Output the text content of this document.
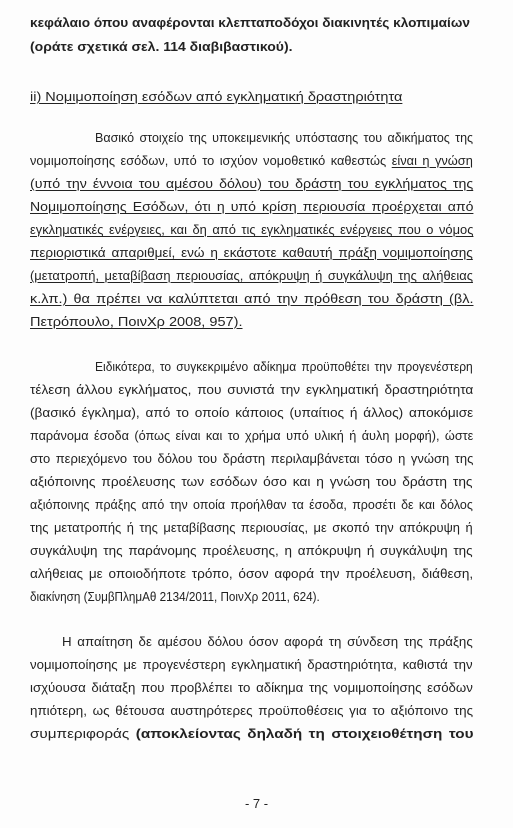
κεφάλαιο όπου αναφέρονται κλεπταποδόχοι διακινητές κλοπιμαίων
(οράτε σχετικά σελ. 114 διαβιβαστικού).
ii) Νομιμοποίηση εσόδων από εγκληματική δραστηριότητα
Βασικό στοιχείο της υποκειμενικής υπόστασης του αδικήματος της
νομιμοποίησης εσόδων, υπό το ισχύον νομοθετικό καθεστώς είναι η γνώση
(υπό την έννοια του αμέσου δόλου) του δράστη του εγκλήματος της
Νομιμοποίησης Εσόδων, ότι η υπό κρίση περιουσία προέρχεται από
εγκληματικές ενέργειες, και δη από τις εγκληματικές ενέργειες που ο νόμος
περιοριστικά απαριθμεί, ενώ η εκάστοτε καθαυτή πράξη νομιμοποίησης
(μετατροπή, μεταβίβαση περιουσίας, απόκρυψη ή συγκάλυψη της αλήθειας
κ.λπ.) θα πρέπει να καλύπτεται από την πρόθεση του δράστη (βλ.
Πετρόπουλο, ΠοινΧρ 2008, 957).
Ειδικότερα, το συγκεκριμένο αδίκημα προϋποθέτει την προγενέστερη
τέλεση άλλου εγκλήματος, που συνιστά την εγκληματική δραστηριότητα
(βασικό έγκλημα), από το οποίο κάποιος (υπαίτιος ή άλλος) αποκόμισε
παράνομα έσοδα (όπως είναι και το χρήμα υπό υλική ή άυλη μορφή), ώστε
στο περιεχόμενο του δόλου του δράστη περιλαμβάνεται τόσο η γνώση της
αξιόποινης προέλευσης των εσόδων όσο και η γνώση του δράστη της
αξιόποινης πράξης από την οποία προήλθαν τα έσοδα, προσέτι δε και δόλος
της μετατροπής ή της μεταβίβασης περιουσίας, με σκοπό την απόκρυψη ή
συγκάλυψη της παράνομης προέλευσης, η απόκρυψη ή συγκάλυψη της
αλήθειας με οποιοδήποτε τρόπο, όσον αφορά την προέλευση, διάθεση,
διακίνηση (ΣυμβΠλημΑθ 2134/2011, ΠοινΧρ 2011, 624).
Η απαίτηση δε αμέσου δόλου όσον αφορά τη σύνδεση της πράξης
νομιμοποίησης με προγενέστερη εγκληματική δραστηριότητα, καθιστά την
ισχύουσα διάταξη που προβλέπει το αδίκημα της νομιμοποίησης εσόδων
ηπιότερη, ως θέτουσα αυστηρότερες προϋποθέσεις για το αξιόποινο της
συμπεριφοράς (αποκλείοντας δηλαδή τη στοιχειοθέτηση του
- 7 -
